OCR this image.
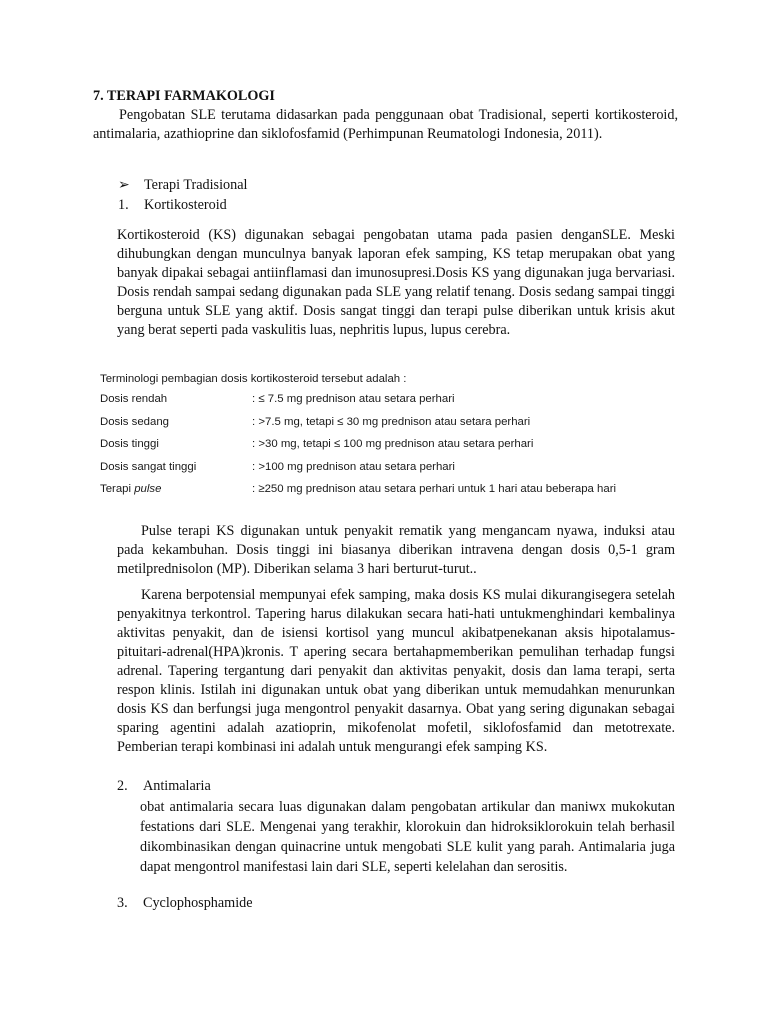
7. TERAPI FARMAKOLOGI

Pengobatan SLE terutama didasarkan pada penggunaan obat Tradisional, seperti kortikosteroid, antimalaria, azathioprine dan siklofosfamid (Perhimpunan Reumatologi Indonesia, 2011).

➢ Terapi Tradisional
1. Kortikosteroid

Kortikosteroid (KS) digunakan sebagai pengobatan utama pada pasien denganSLE. Meski dihubungkan dengan munculnya banyak laporan efek samping, KS tetap merupakan obat yang banyak dipakai sebagai antiinflamasi dan imunosupresi.Dosis KS yang digunakan juga bervariasi. Dosis rendah sampai sedang digunakan pada SLE yang relatif tenang. Dosis sedang sampai tinggi berguna untuk SLE yang aktif. Dosis sangat tinggi dan terapi pulse diberikan untuk krisis akut yang berat seperti pada vaskulitis luas, nephritis lupus, lupus cerebra.

Terminologi pembagian dosis kortikosteroid tersebut adalah :
Dosis rendah	: ≤ 7.5 mg prednison atau setara perhari
Dosis sedang	: >7.5 mg, tetapi ≤ 30 mg prednison atau setara perhari
Dosis tinggi	: >30 mg, tetapi ≤ 100 mg prednison atau setara perhari
Dosis sangat tinggi	: >100 mg prednison atau setara perhari
Terapi pulse	: ≥250 mg prednison atau setara perhari untuk 1 hari atau beberapa hari

Pulse terapi KS digunakan untuk penyakit rematik yang mengancam nyawa, induksi atau pada kekambuhan. Dosis tinggi ini biasanya diberikan intravena dengan dosis 0,5-1 gram metilprednisolon (MP). Diberikan selama 3 hari berturut-turut..

Karena berpotensial mempunyai efek samping, maka dosis KS mulai dikurangisegera setelah penyakitnya terkontrol. Tapering harus dilakukan secara hati-hati untukmenghindari kembalinya aktivitas penyakit, dan de isiensi kortisol yang muncul akibatpenekanan aksis hipotalamus-pituitari-adrenal(HPA)kronis. T apering secara bertahapmemberikan pemulihan terhadap fungsi adrenal. Tapering tergantung dari penyakit dan aktivitas penyakit, dosis dan lama terapi, serta respon klinis. Istilah ini digunakan untuk obat yang diberikan untuk memudahkan menurunkan dosis KS dan berfungsi juga mengontrol penyakit dasarnya. Obat yang sering digunakan sebagai sparing agentini adalah azatioprin, mikofenolat mofetil, siklofosfamid dan metotrexate. Pemberian terapi kombinasi ini adalah untuk mengurangi efek samping KS.

2. Antimalaria

obat antimalaria secara luas digunakan dalam pengobatan artikular dan maniwx mukokutan festations dari SLE. Mengenai yang terakhir, klorokuin dan hidroksiklorokuin telah berhasil dikombinasikan dengan quinacrine untuk mengobati SLE kulit yang parah. Antimalaria juga dapat mengontrol manifestasi lain dari SLE, seperti kelelahan dan serositis.

3. Cyclophosphamide
